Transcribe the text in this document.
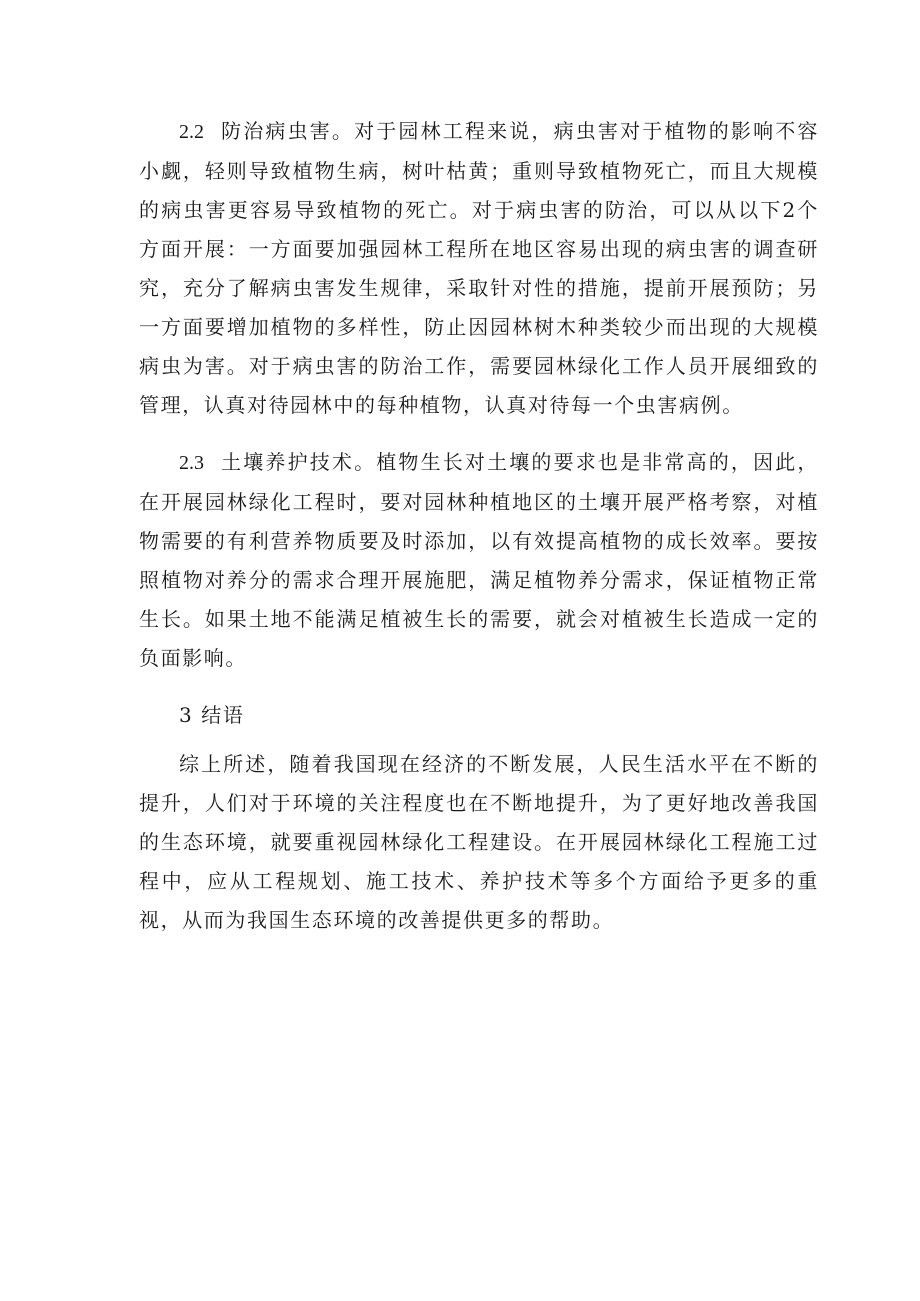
2.2 防治病虫害。对于园林工程来说，病虫害对于植物的影响不容小觑，轻则导致植物生病，树叶枯黄；重则导致植物死亡，而且大规模的病虫害更容易导致植物的死亡。对于病虫害的防治，可以从以下2个方面开展：一方面要加强园林工程所在地区容易出现的病虫害的调查研究，充分了解病虫害发生规律，采取针对性的措施，提前开展预防；另一方面要增加植物的多样性，防止因园林树木种类较少而出现的大规模病虫为害。对于病虫害的防治工作，需要园林绿化工作人员开展细致的管理，认真对待园林中的每种植物，认真对待每一个虫害病例。

2.3 土壤养护技术。植物生长对土壤的要求也是非常高的，因此，在开展园林绿化工程时，要对园林种植地区的土壤开展严格考察，对植物需要的有利营养物质要及时添加，以有效提高植物的成长效率。要按照植物对养分的需求合理开展施肥，满足植物养分需求，保证植物正常生长。如果土地不能满足植被生长的需要，就会对植被生长造成一定的负面影响。

3 结语

综上所述，随着我国现在经济的不断发展，人民生活水平在不断的提升，人们对于环境的关注程度也在不断地提升，为了更好地改善我国的生态环境，就要重视园林绿化工程建设。在开展园林绿化工程施工过程中，应从工程规划、施工技术、养护技术等多个方面给予更多的重视，从而为我国生态环境的改善提供更多的帮助。
